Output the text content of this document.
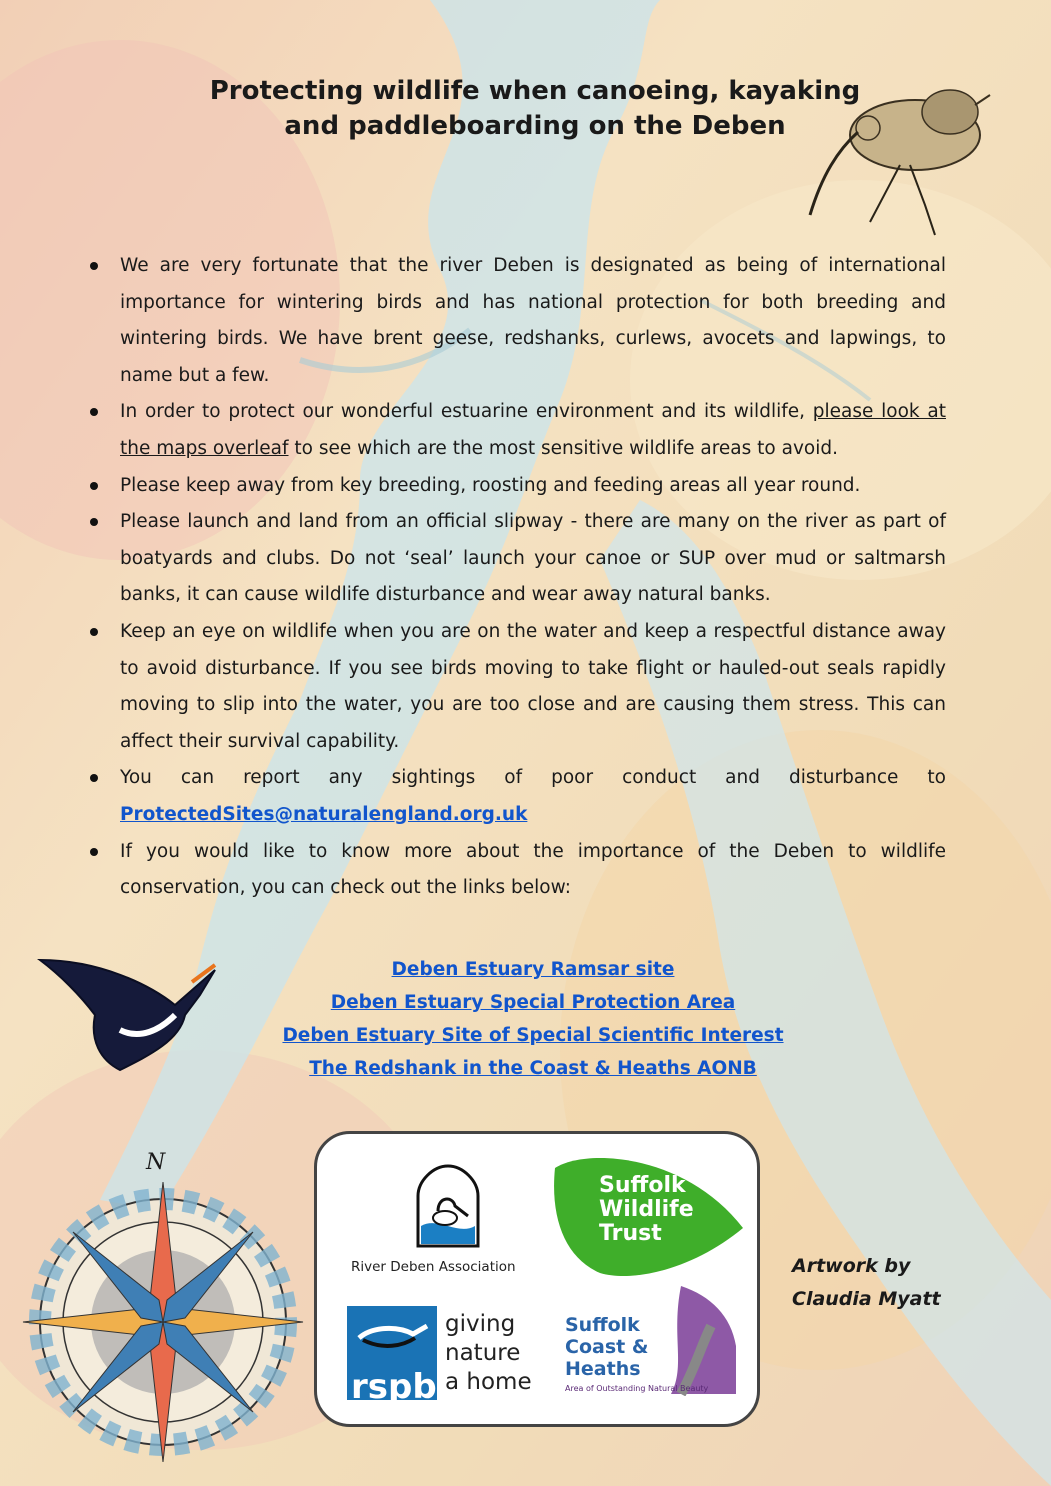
N
Protecting wildlife when canoeing, kayaking
and paddleboarding on the Deben
We are very fortunate that the river Deben is designated as being of international importance for wintering birds and has national protection for both breeding and wintering birds. We have brent geese, redshanks, curlews, avocets and lapwings, to name but a few.
In order to protect our wonderful estuarine environment and its wildlife, please look at the maps overleaf to see which are the most sensitive wildlife areas to avoid.
Please keep away from key breeding, roosting and feeding areas all year round.
Please launch and land from an official slipway - there are many on the river as part of boatyards and clubs. Do not ‘seal’ launch your canoe or SUP over mud or saltmarsh banks, it can cause wildlife disturbance and wear away natural banks.
Keep an eye on wildlife when you are on the water and keep a respectful distance away to avoid disturbance. If you see birds moving to take flight or hauled-out seals rapidly moving to slip into the water, you are too close and are causing them stress. This can affect their survival capability.
You can report any sightings of poor conduct and disturbance to
ProtectedSites@naturalengland.org.uk
If you would like to know more about the importance of the Deben to wildlife conservation, you can check out the links below:
Deben Estuary Ramsar site
Deben Estuary Special Protection Area
Deben Estuary Site of Special Scientific Interest
The Redshank in the Coast & Heaths AONB
River Deben Association
Suffolk
Wildlife
Trust
rspb
giving
nature
a home
Suffolk
Coast &
Heaths
Area of Outstanding Natural Beauty
Artwork by
Claudia Myatt
